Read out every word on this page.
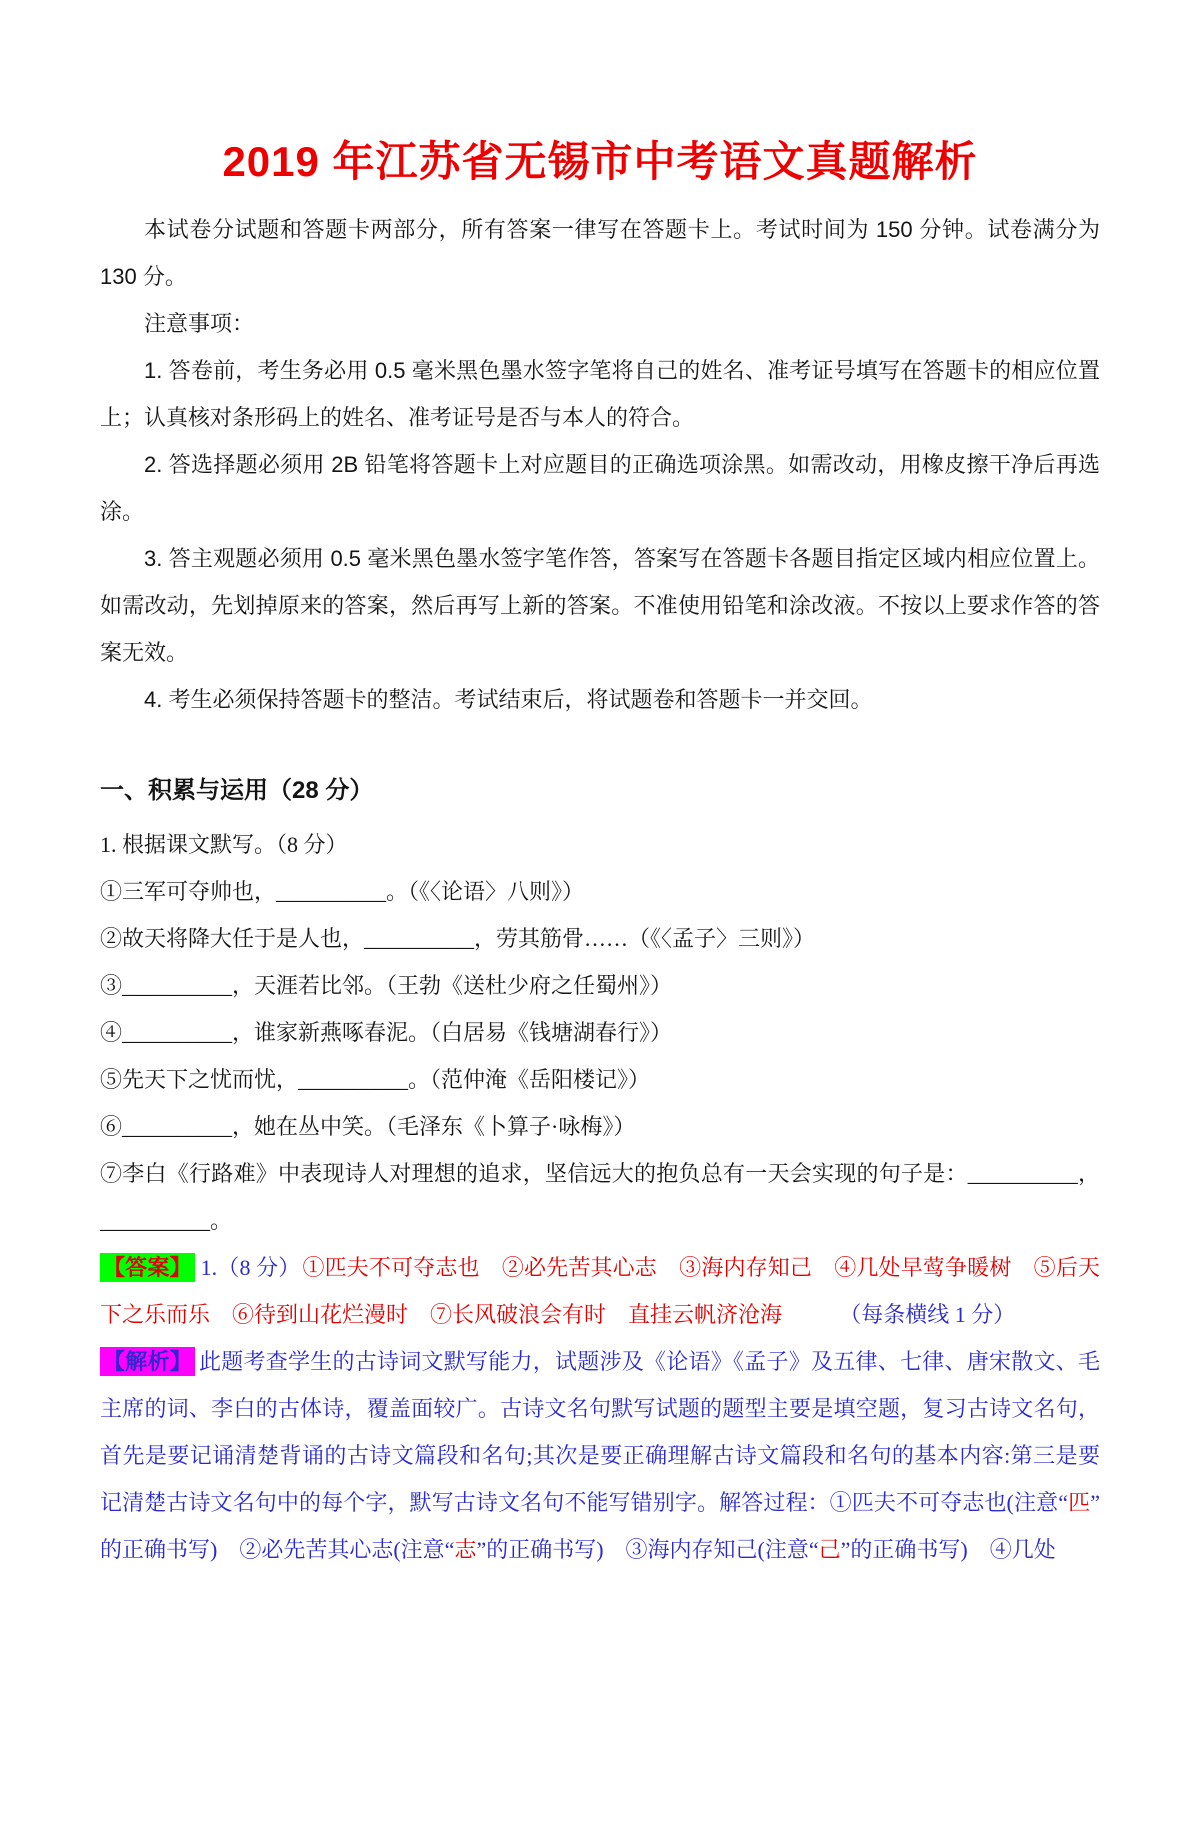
2019 年江苏省无锡市中考语文真题解析

本试卷分试题和答题卡两部分，所有答案一律写在答题卡上。考试时间为 150 分钟。试卷满分为 130 分。

注意事项：

1. 答卷前，考生务必用 0.5 毫米黑色墨水签字笔将自己的姓名、准考证号填写在答题卡的相应位置上；认真核对条形码上的姓名、准考证号是否与本人的符合。

2. 答选择题必须用 2B 铅笔将答题卡上对应题目的正确选项涂黑。如需改动，用橡皮擦干净后再选涂。

3. 答主观题必须用 0.5 毫米黑色墨水签字笔作答，答案写在答题卡各题目指定区域内相应位置上。如需改动，先划掉原来的答案，然后再写上新的答案。不准使用铅笔和涂改液。不按以上要求作答的答案无效。

4. 考生必须保持答题卡的整洁。考试结束后，将试题卷和答题卡一并交回。

一、积累与运用（28 分）

1. 根据课文默写。（8 分）

①三军可夺帅也，__________。（《〈论语〉八则》）

②故天将降大任于是人也，__________，劳其筋骨……（《〈孟子〉三则》）

③__________，天涯若比邻。（王勃《送杜少府之任蜀州》）

④__________，谁家新燕啄春泥。（白居易《钱塘湖春行》）

⑤先天下之忧而忧，__________。（范仲淹《岳阳楼记》）

⑥__________，她在丛中笑。（毛泽东《卜算子·咏梅》）

⑦李白《行路难》中表现诗人对理想的追求，坚信远大的抱负总有一天会实现的句子是：__________，__________。

【答案】 1.（8 分）①匹夫不可夺志也　②必先苦其心志　③海内存知己　④几处早莺争暖树　⑤后天下之乐而乐　⑥待到山花烂漫时　⑦长风破浪会有时　直挂云帆济沧海	（每条横线 1 分）

【解析】 此题考查学生的古诗词文默写能力，试题涉及《论语》《孟子》及五律、七律、唐宋散文、毛主席的词、李白的古体诗，覆盖面较广。古诗文名句默写试题的题型主要是填空题，复习古诗文名句，首先是要记诵清楚背诵的古诗文篇段和名句;其次是要正确理解古诗文篇段和名句的基本内容:第三是要记清楚古诗文名句中的每个字，默写古诗文名句不能写错别字。解答过程：①匹夫不可夺志也(注意“匹”的正确书写)　②必先苦其心志(注意“志”的正确书写)　③海内存知己(注意“己”的正确书写)　④几处
